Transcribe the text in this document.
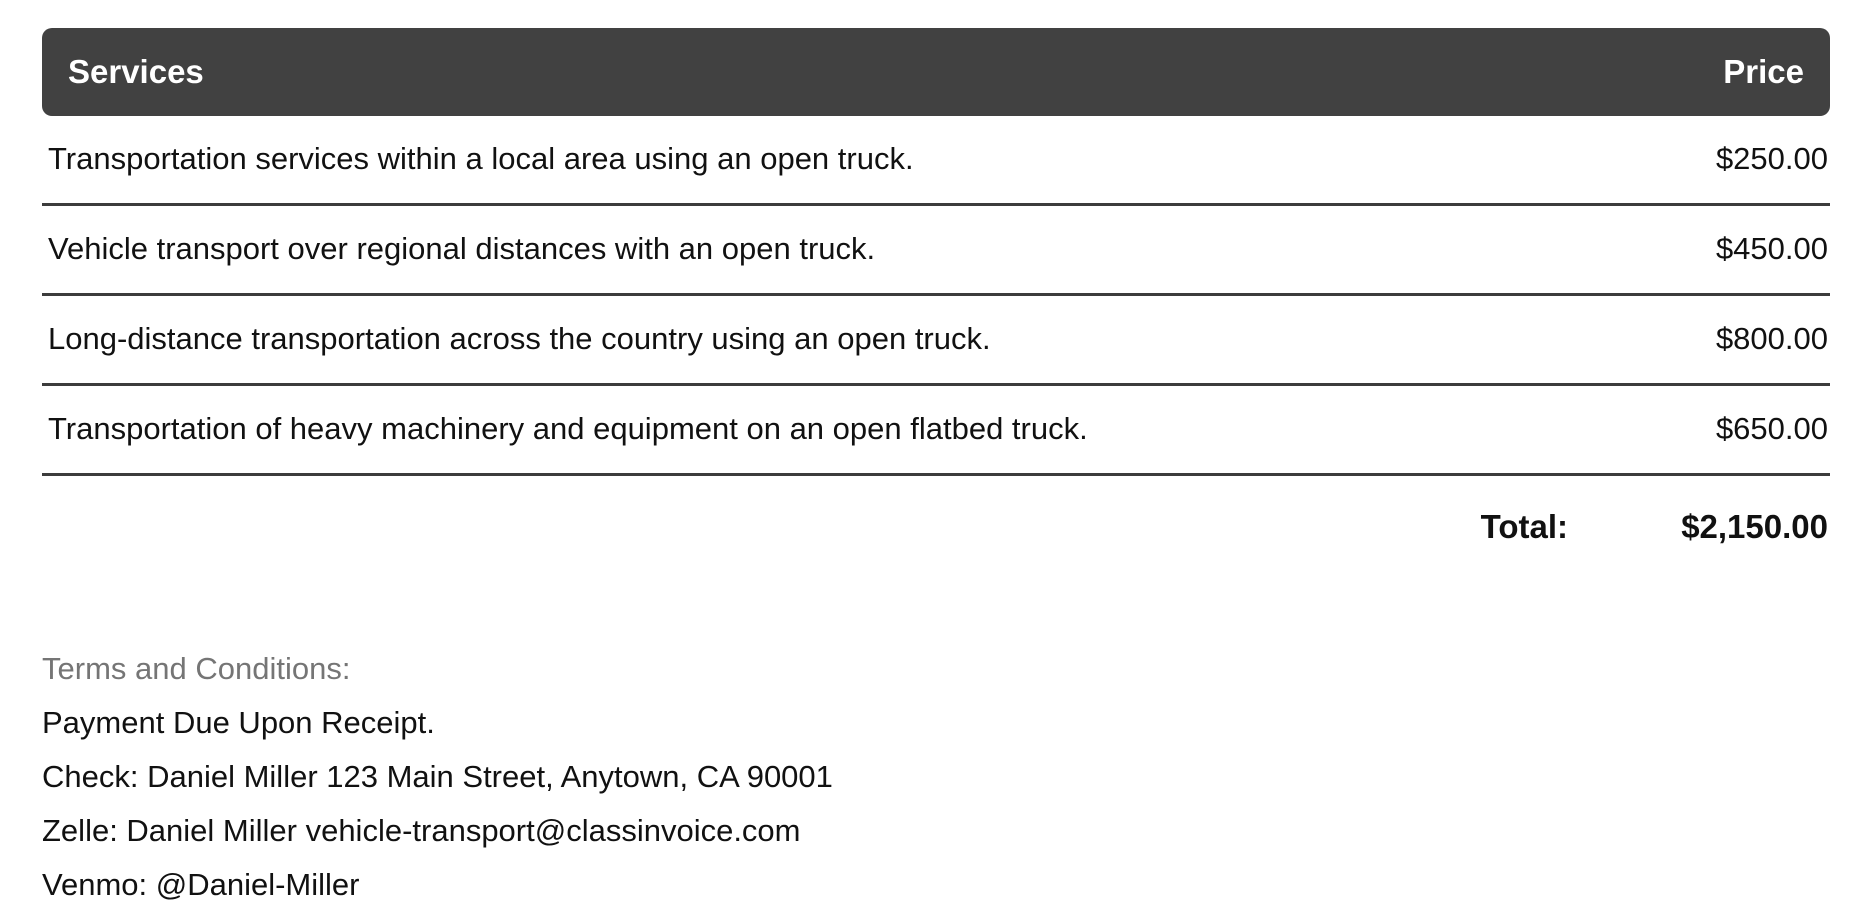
Services	Price
Transportation services within a local area using an open truck.	$250.00
Vehicle transport over regional distances with an open truck.	$450.00
Long-distance transportation across the country using an open truck.	$800.00
Transportation of heavy machinery and equipment on an open flatbed truck.	$650.00
Total:	$2,150.00
Terms and Conditions:
Payment Due Upon Receipt.
Check: Daniel Miller 123 Main Street, Anytown, CA 90001
Zelle: Daniel Miller vehicle-transport@classinvoice.com
Venmo: @Daniel-Miller
